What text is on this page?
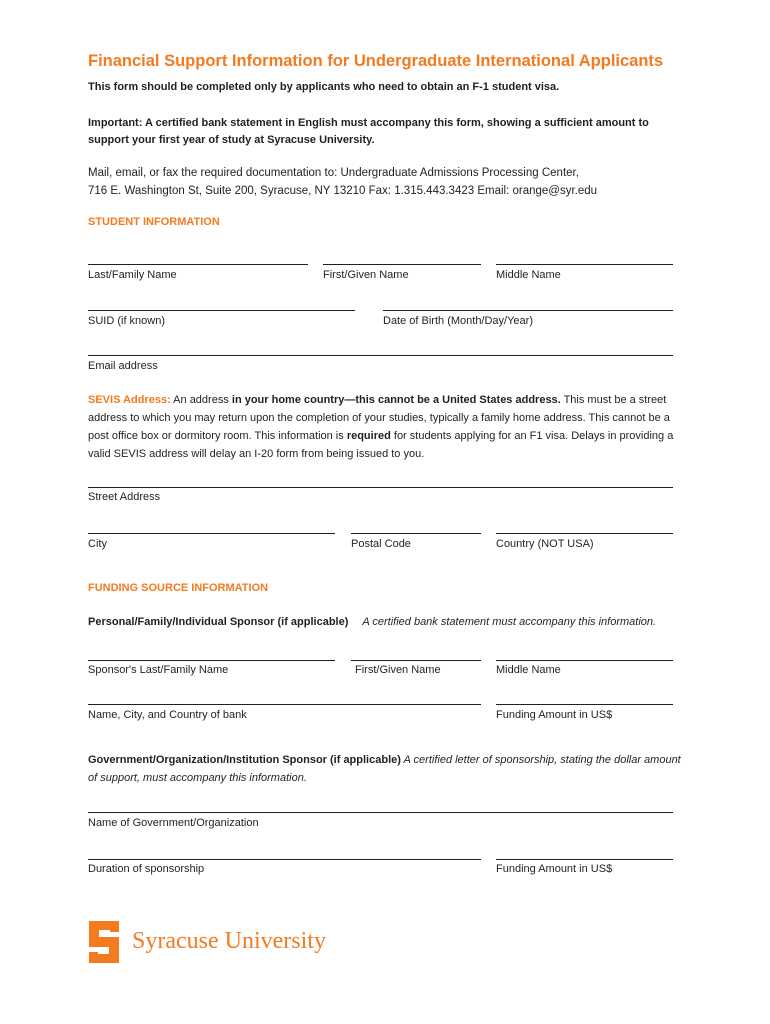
Financial Support Information for Undergraduate International Applicants
This form should be completed only by applicants who need to obtain an F-1 student visa.
Important: A certified bank statement in English must accompany this form, showing a sufficient amount to support your first year of study at Syracuse University.
Mail, email, or fax the required documentation to: Undergraduate Admissions Processing Center,
716 E. Washington St, Suite 200, Syracuse, NY 13210 Fax: 1.315.443.3423 Email: orange@syr.edu
STUDENT INFORMATION
Last/Family Name	First/Given Name	Middle Name
SUID (if known)	Date of Birth (Month/Day/Year)
Email address
SEVIS Address: An address in your home country—this cannot be a United States address. This must be a street address to which you may return upon the completion of your studies, typically a family home address. This cannot be a post office box or dormitory room. This information is required for students applying for an F1 visa. Delays in providing a valid SEVIS address will delay an I-20 form from being issued to you.
Street Address
City	Postal Code	Country (NOT USA)
FUNDING SOURCE INFORMATION
Personal/Family/Individual Sponsor (if applicable) A certified bank statement must accompany this information.
Sponsor's Last/Family Name	First/Given Name	Middle Name
Name, City, and Country of bank	Funding Amount in US$
Government/Organization/Institution Sponsor (if applicable) A certified letter of sponsorship, stating the dollar amount of support, must accompany this information.
Name of Government/Organization
Duration of sponsorship	Funding Amount in US$
Syracuse University
